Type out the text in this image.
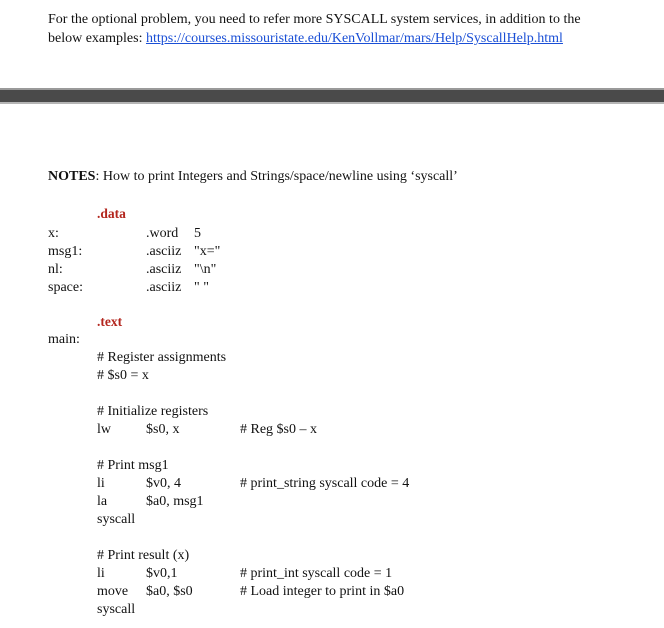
For the optional problem, you need to refer more SYSCALL system services, in addition to the
below examples: https://courses.missouristate.edu/KenVollmar/mars/Help/SyscallHelp.html
NOTES: How to print Integers and Strings/space/newline using ‘syscall’
.data
x:	.word 5
msg1:	.asciiz "x="
nl:	.asciiz "\n"
space:	.asciiz " "
.text
main:
# Register assignments
# $s0 = x
# Initialize registers
lw	$s0, x	# Reg $s0 – x
# Print msg1
li	$v0, 4	# print_string syscall code = 4
la	$a0, msg1
syscall
# Print result (x)
li	$v0,1	# print_int syscall code = 1
move $a0, $s0	# Load integer to print in $a0
syscall
